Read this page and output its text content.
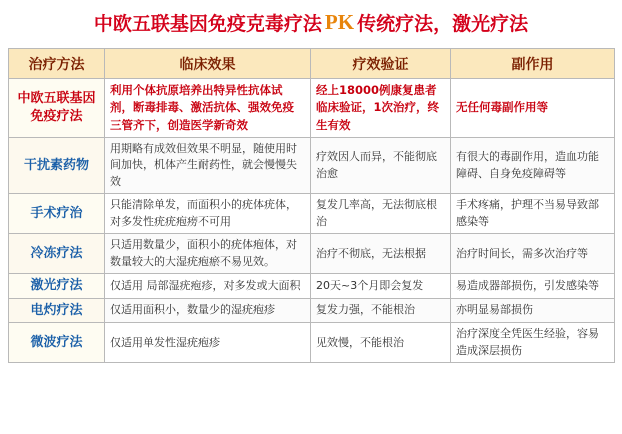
中欧五联基因免疫克毒疗法 PK 传统疗法，激光疗法
治疗方法	临床效果	疗效验证	副作用
中欧五联基因免疫疗法	利用个体抗原培养出特异性抗体试剂，断毒排毒、激活抗体、强效免疫三管齐下，创造医学新奇效	经上18000例康复患者临床验证，1次治疗，终生有效	无任何毒副作用等
干扰素药物	用期略有成效但效果不明显，随使用时间加快，机体产生耐药性，就会慢慢失效	疗效因人而异，不能彻底治愈	有很大的毒副作用，造血功能障碍、自身免疫障碍等
手术疗治	只能清除单发，而面积小的疣体疣体，对多发性疣疣疱痨不可用	复发几率高，无法彻底根治	手术疼痛，护理不当易导致部感染等
冷冻疗法	只适用数量少，面积小的疣体疱体，对数量较大的大湿疣疱瘀不易见效。	治疗不彻底，无法根据	治疗时间长，需多次治疗等
激光疗法	仅适用 局部湿疣疱疹，对多发或大面积	20天~3个月即会复发	易造成器部损伤，引发感染等
电灼疗法	仅适用面积小，数量少的湿疣疱疹	复发力强，不能根治	亦明显易部损伤
微波疗法	仅适用单发性湿疣疱疹	见效慢，不能根治	治疗深度全凭医生经验，容易造成深层损伤
